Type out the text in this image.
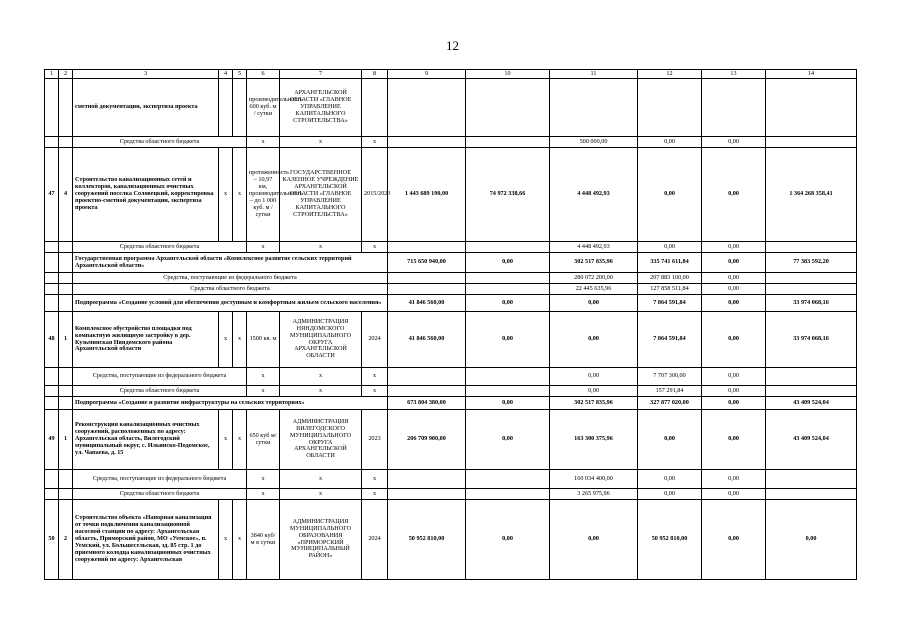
12
1	2	3	4	5	6	7	8	9	10	11	12	13	14
		сметной документации, экспертиза проекта			производительность 600 куб. м / сутки	АРХАНГЕЛЬСКОЙ ОБЛАСТИ «ГЛАВНОЕ УПРАВЛЕНИЕ КАПИТАЛЬНОГО СТРОИТЕЛЬСТВА»							
		Средства областного бюджета			x	x	x			500 000,00	0,00	0,00	
47	4	Строительство канализационных сетей и коллекторов, канализационных очистных сооружений поселка Соловецкий, корректировка проектно-сметной документации, экспертиза проекта	х	х	протяженность – 10,97 км, производительность – до 1 000 куб. м / сутки	ГОСУДАРСТВЕННОЕ КАЗЕННОЕ УЧРЕЖДЕНИЕ АРХАНГЕЛЬСКОЙ ОБЛАСТИ «ГЛАВНОЕ УПРАВЛЕНИЕ КАПИТАЛЬНОГО СТРОИТЕЛЬСТВА»	2015/2023	1 443 689 190,00	74 972 338,66	4 448 492,93	0,00	0,00	1 364 268 358,41
		Средства областного бюджета			x	x	x			4 448 492,93	0,00	0,00	
		Государственная программа Архангельской области «Комплексное развитие сельских территорий Архангельской области»						715 650 940,00	0,00	302 517 835,96	335 741 611,84	0,00	77 383 592,20
		Средства, поступающие из федерального бюджета								280 072 200,00	207 883 100,00	0,00	
		Средства областного бюджета								22 445 635,96	127 858 511,84	0,00	
		Подпрограмма «Создание условий для обеспечения доступным и комфортным жильем сельского населения»						41 846 560,00	0,00	0,00	7 864 591,84	0,00	33 974 068,16
48	1	Комплексное обустройство площадки под компактную жилищную застройку в дер. Кузьминская Няндомского района Архангельской области	х	х	1500 кв. м	АДМИНИСТРАЦИЯ НЯНДОМСКОГО МУНИЦИПАЛЬНОГО ОКРУГА АРХАНГЕЛЬСКОЙ ОБЛАСТИ	2024	41 846 560,00	0,00	0,00	7 864 591,84	0,00	33 974 068,16
		Средства, поступающие из федерального бюджета			x	x	x			0,00	7 707 300,00	0,00	
		Средства областного бюджета			x	x	x			0,00	157 291,84	0,00	
		Подпрограмма «Создание и развитие инфраструктуры на сельских территориях»						673 804 380,00	0,00	302 517 835,96	327 877 020,00	0,00	43 409 524,04
49	1	Реконструкция канализационных очистных сооружений, расположенных по адресу: Архангельская область, Вилегодский муниципальный округ, с. Ильинско-Подомское, ул. Чапаева, д. 15	х	х	650 куб м/сутки	АДМИНИСТРАЦИЯ ВИЛЕГОДСКОГО МУНИЦИПАЛЬНОГО ОКРУГА АРХАНГЕЛЬСКОЙ ОБЛАСТИ	2023	206 709 900,00	0,00	163 300 375,96	0,00	0,00	43 409 524,04
		Средства, поступающие из федерального бюджета			x	x	x			160 034 400,00	0,00	0,00	
		Средства областного бюджета			x	x	x			3 265 975,96	0,00	0,00	
50	2	Строительство объекта «Напорная канализация от точки подключения канализационной насосной станции по адресу: Архангельская область, Приморский район, МО «Уемское», п. Уемский, ул. Большесельская, зд. 85 стр. 1 до приемного колодца канализационных очистных сооружений по адресу: Архангельская	х	х	3840 куб/м в сутки	АДМИНИСТРАЦИЯ МУНИЦИПАЛЬНОГО ОБРАЗОВАНИЯ «ПРИМОРСКИЙ МУНИЦИПАЛЬНЫЙ РАЙОН»	2024	50 952 810,00	0,00	0,00	50 952 810,00	0,00	0,00
